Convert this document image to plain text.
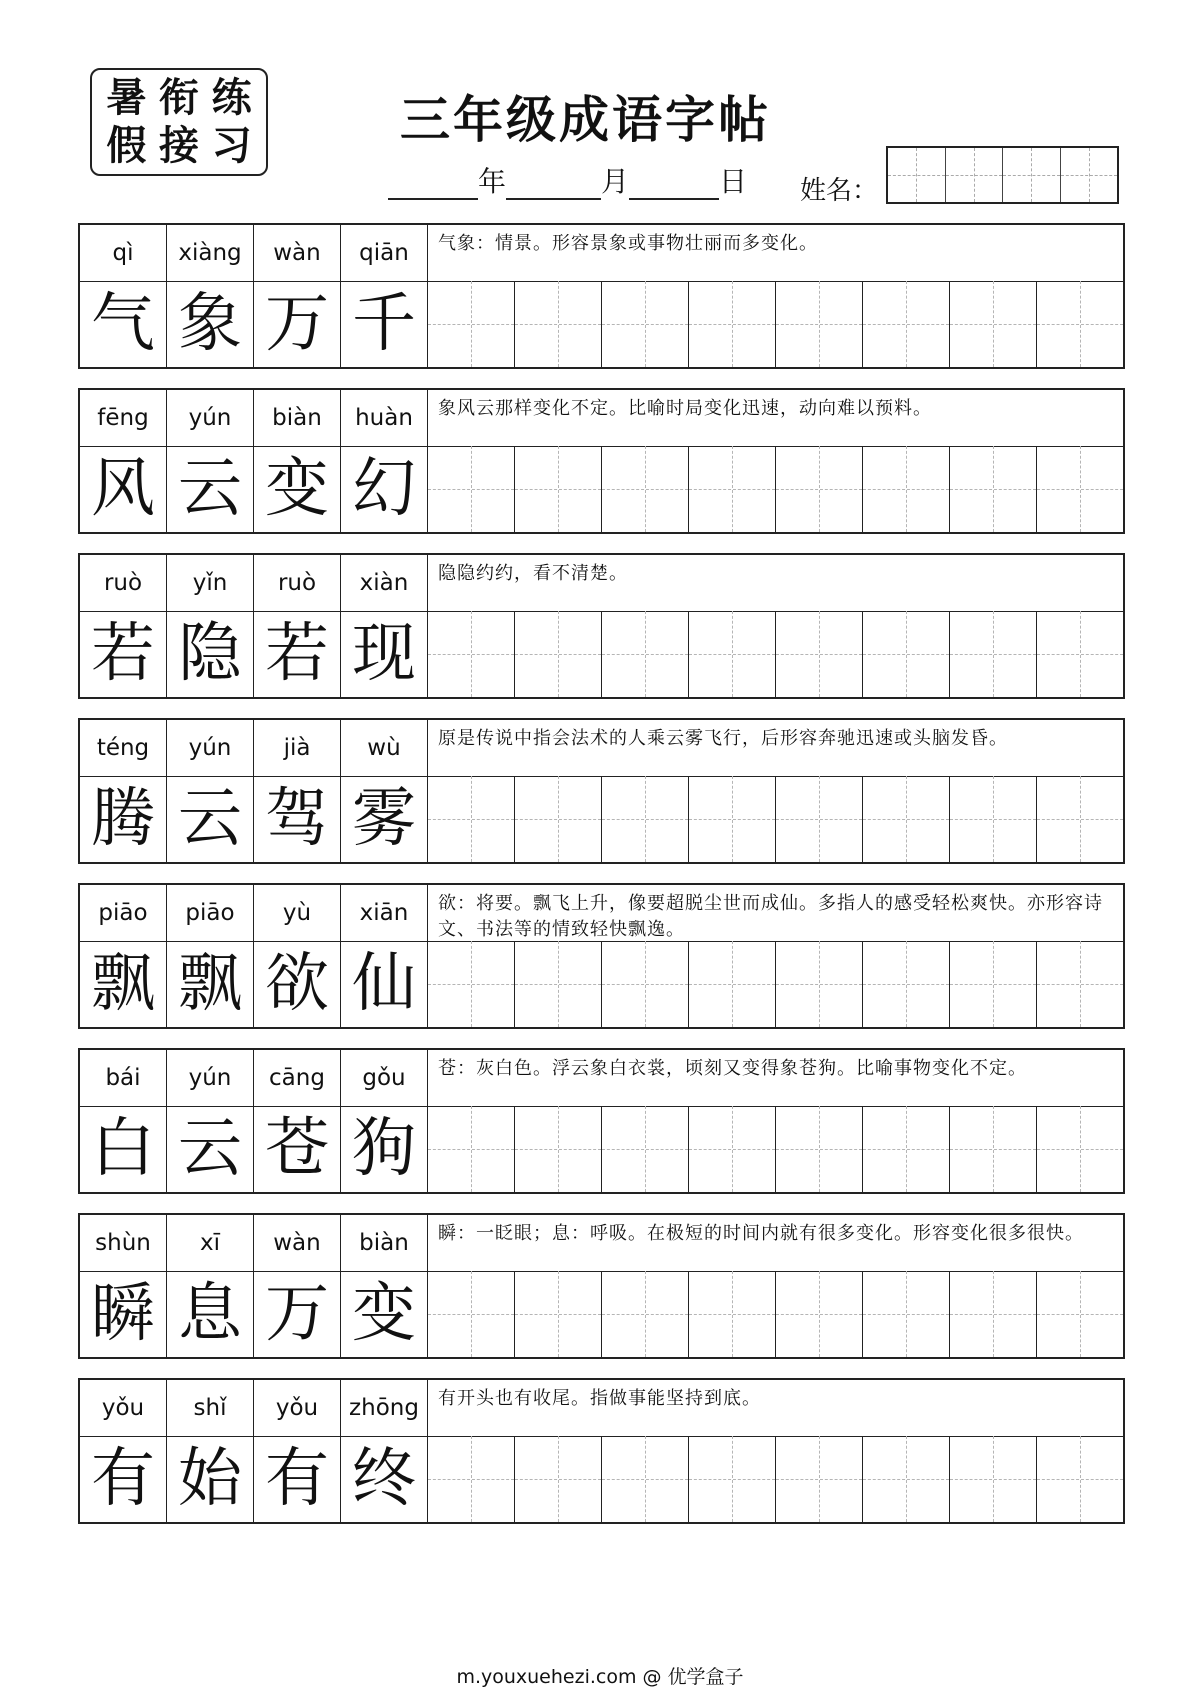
暑 衔 练
假 接 习	三年级成语字帖
年	月	日 姓名：
qì	xiàng	wàn	qiān	气象：情景。形容景象或事物壮丽而多变化。
气 象 万 千
fēng	yún	biàn	huàn	象风云那样变化不定。比喻时局变化迅速，动向难以预料。
风 云 变 幻
ruò	yǐn	ruò	xiàn	隐隐约约，看不清楚。
若 隐 若 现
téng	yún	jià	wù	原是传说中指会法术的人乘云雾飞行，后形容奔驰迅速或头脑发昏。
腾 云 驾 雾
piāo	piāo	yù	xiān	欲：将要。飘飞上升，像要超脱尘世而成仙。多指人的感受轻松爽快。亦形容诗文、书法等的情致轻快飘逸。
飘 飘 欲 仙
bái	yún	cāng	gǒu	苍：灰白色。浮云象白衣裳，顷刻又变得象苍狗。比喻事物变化不定。
白 云 苍 狗
shùn	xī	wàn	biàn	瞬：一眨眼；息：呼吸。在极短的时间内就有很多变化。形容变化很多很快。
瞬 息 万 变
yǒu	shǐ	yǒu	zhōng	有开头也有收尾。指做事能坚持到底。
有 始 有 终
m.youxuehezi.com @ 优学盒子
